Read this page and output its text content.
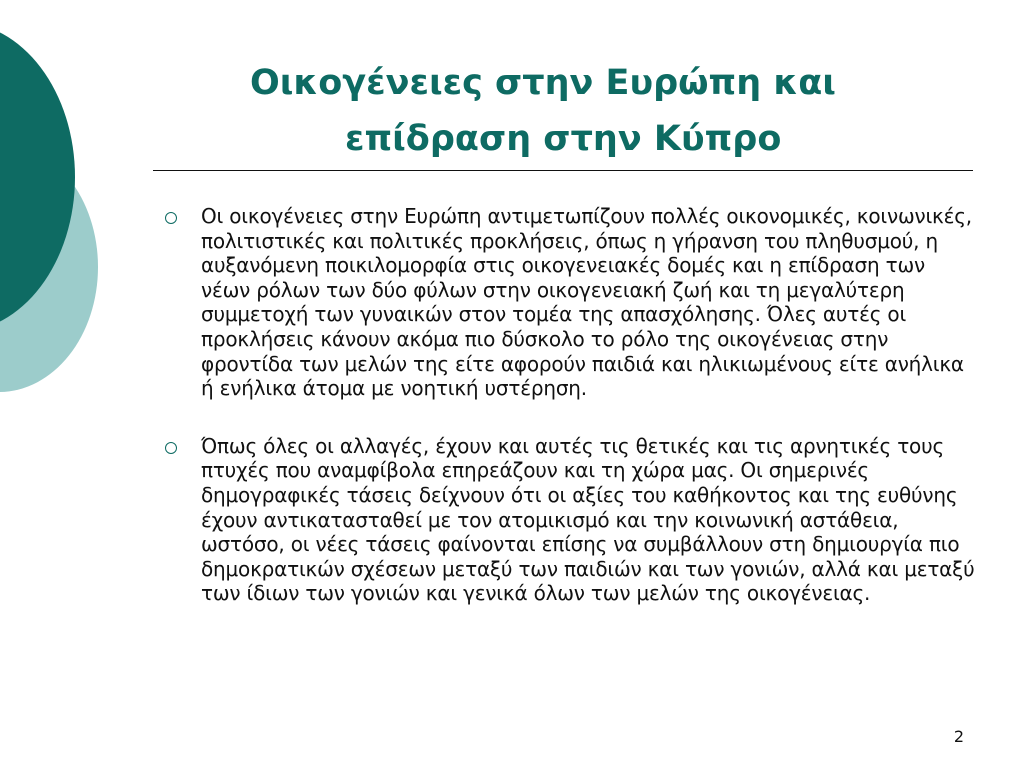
Οικογένειες στην Ευρώπη και
επίδραση στην Κύπρο
Οι οικογένειες στην Ευρώπη αντιμετωπίζουν πολλές οικονομικές, κοινωνικές, πολιτιστικές και πολιτικές προκλήσεις, όπως η γήρανση του πληθυσμού, η αυξανόμενη ποικιλομορφία στις οικογενειακές δομές και η επίδραση των νέων ρόλων των δύο φύλων στην οικογενειακή ζωή και τη μεγαλύτερη συμμετοχή των γυναικών στον τομέα της απασχόλησης. Όλες αυτές οι προκλήσεις κάνουν ακόμα πιο δύσκολο το ρόλο της οικογένειας στην φροντίδα των μελών της είτε αφορούν παιδιά και ηλικιωμένους είτε ανήλικα ή ενήλικα άτομα με νοητική υστέρηση.
Όπως όλες οι αλλαγές, έχουν και αυτές τις θετικές και τις αρνητικές τους πτυχές που αναμφίβολα επηρεάζουν και τη χώρα μας. Οι σημερινές δημογραφικές τάσεις δείχνουν ότι οι αξίες του καθήκοντος και της ευθύνης έχουν αντικατασταθεί με τον ατομικισμό και την κοινωνική αστάθεια, ωστόσο, οι νέες τάσεις φαίνονται επίσης να συμβάλλουν στη δημιουργία πιο δημοκρατικών σχέσεων μεταξύ των παιδιών και των γονιών, αλλά και μεταξύ των ίδιων των γονιών και γενικά όλων των μελών της οικογένειας.
2
